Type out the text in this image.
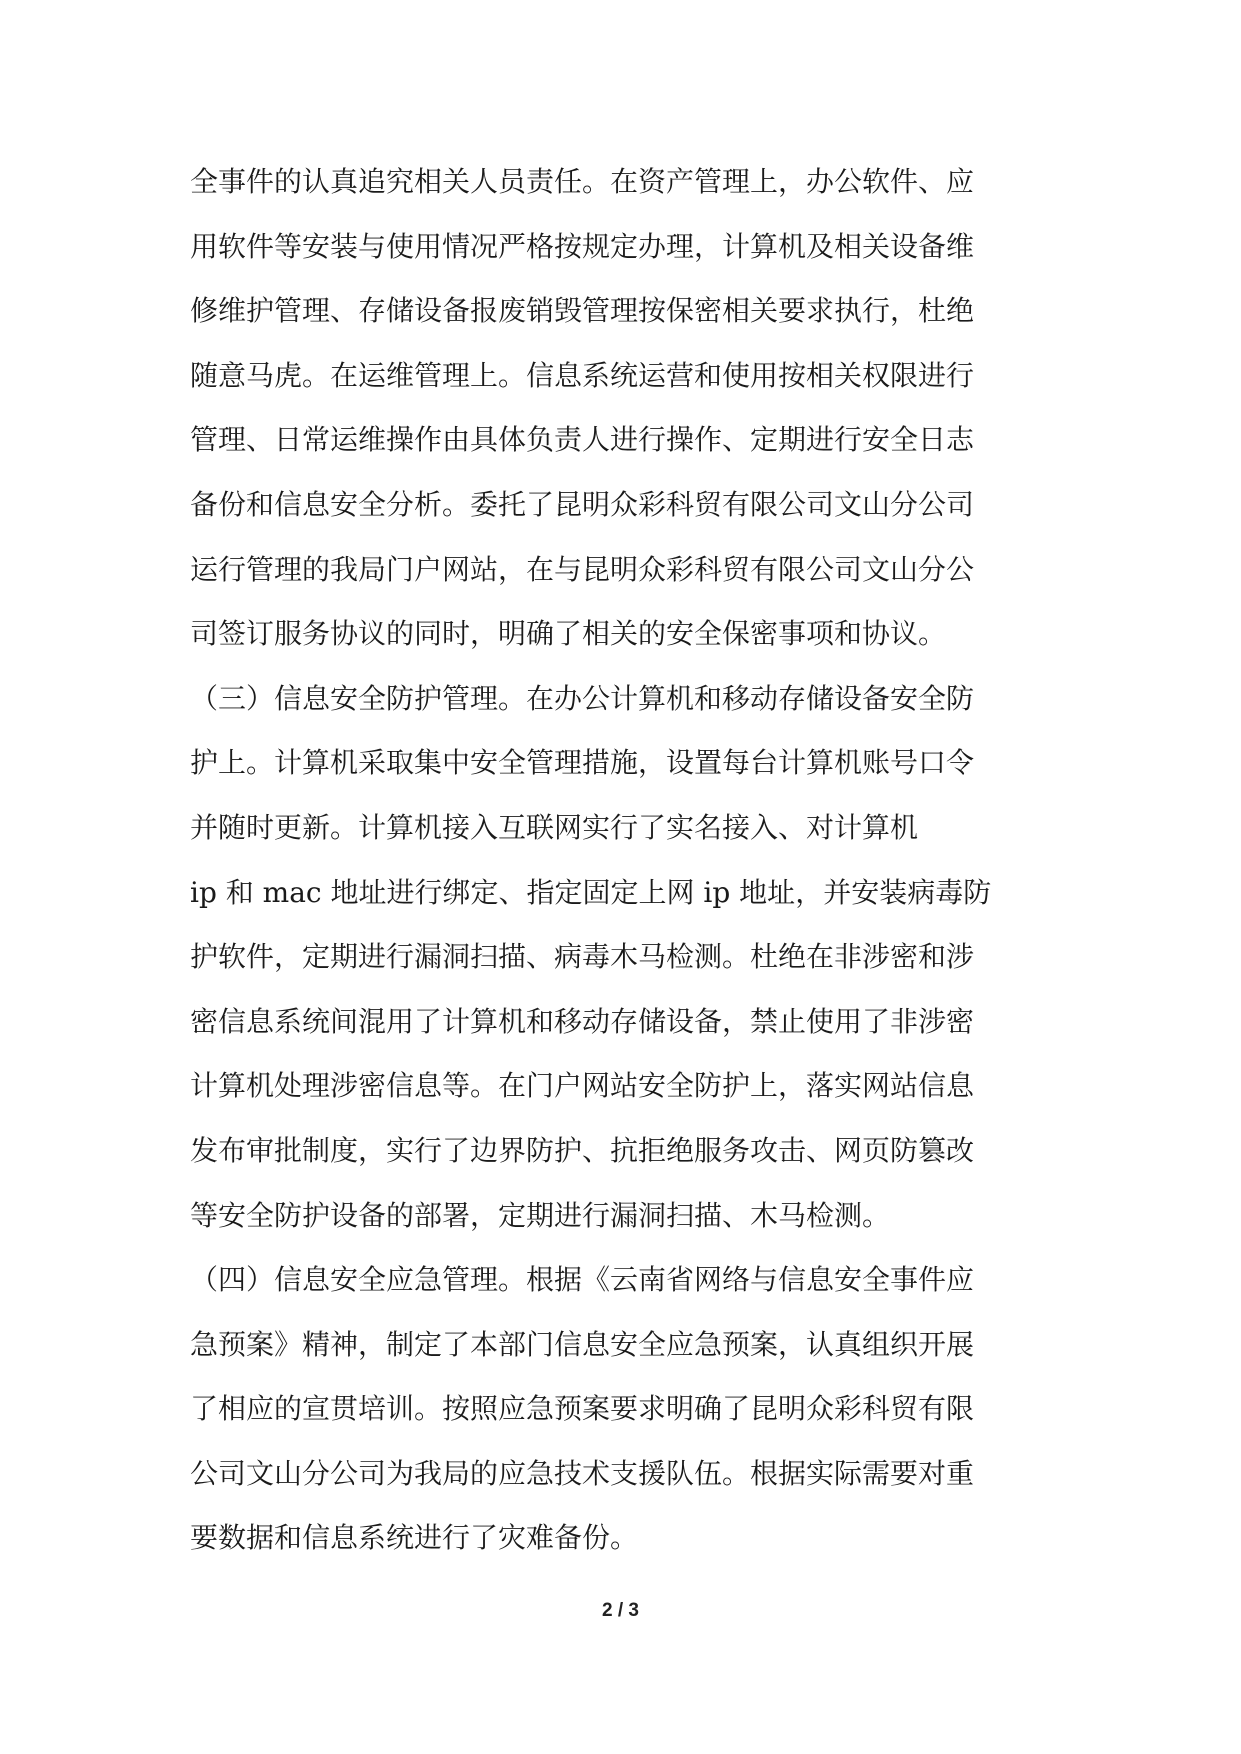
全事件的认真追究相关人员责任。在资产管理上，办公软件、应
用软件等安装与使用情况严格按规定办理，计算机及相关设备维
修维护管理、存储设备报废销毁管理按保密相关要求执行，杜绝
随意马虎。在运维管理上。信息系统运营和使用按相关权限进行
管理、日常运维操作由具体负责人进行操作、定期进行安全日志
备份和信息安全分析。委托了昆明众彩科贸有限公司文山分公司
运行管理的我局门户网站，在与昆明众彩科贸有限公司文山分公
司签订服务协议的同时，明确了相关的安全保密事项和协议。
（三）信息安全防护管理。在办公计算机和移动存储设备安全防
护上。计算机采取集中安全管理措施，设置每台计算机账号口令
并随时更新。计算机接入互联网实行了实名接入、对计算机
ip 和 mac 地址进行绑定、指定固定上网 ip 地址，并安装病毒防
护软件，定期进行漏洞扫描、病毒木马检测。杜绝在非涉密和涉
密信息系统间混用了计算机和移动存储设备，禁止使用了非涉密
计算机处理涉密信息等。在门户网站安全防护上，落实网站信息
发布审批制度，实行了边界防护、抗拒绝服务攻击、网页防篡改
等安全防护设备的部署，定期进行漏洞扫描、木马检测。
（四）信息安全应急管理。根据《云南省网络与信息安全事件应
急预案》精神，制定了本部门信息安全应急预案，认真组织开展
了相应的宣贯培训。按照应急预案要求明确了昆明众彩科贸有限
公司文山分公司为我局的应急技术支援队伍。根据实际需要对重
要数据和信息系统进行了灾难备份。
2 / 3
